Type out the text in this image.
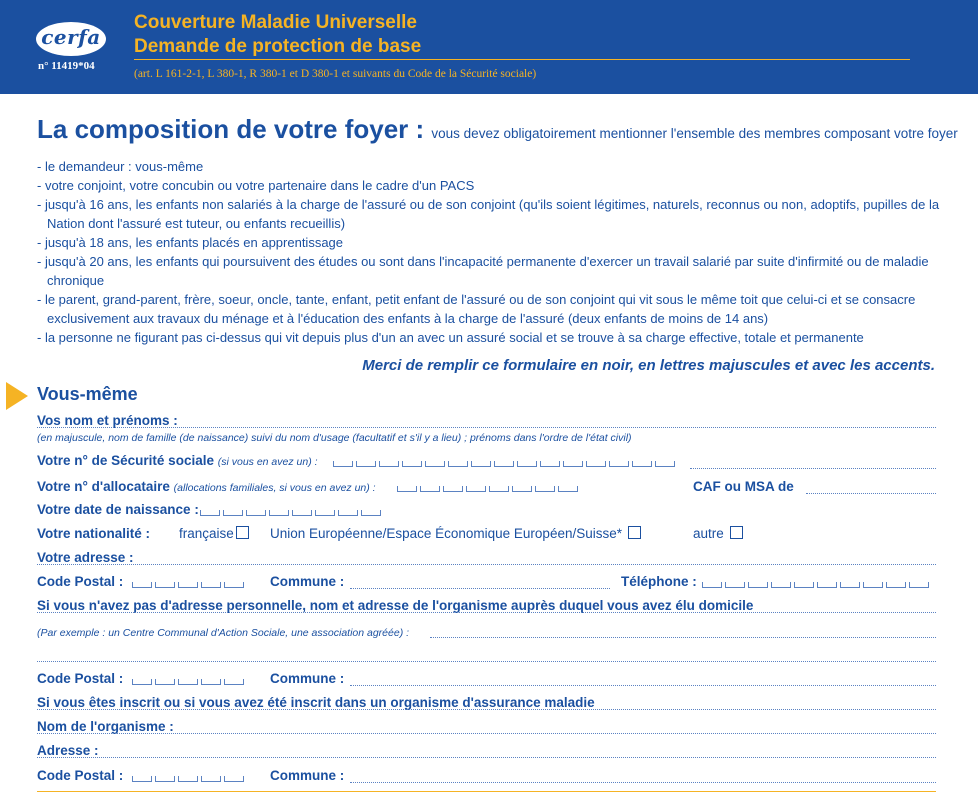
cerfa
n° 11419*04
Couverture Maladie Universelle
Demande de protection de base
(art. L 161-2-1, L 380-1, R 380-1 et D 380-1 et suivants du Code de la Sécurité sociale)
La composition de votre foyer : vous devez obligatoirement mentionner l'ensemble des membres composant votre foyer
- le demandeur : vous-même
- votre conjoint, votre concubin ou votre partenaire dans le cadre d'un PACS
- jusqu'à 16 ans, les enfants non salariés à la charge de l'assuré ou de son conjoint (qu'ils soient légitimes, naturels, reconnus ou non, adoptifs, pupilles de la Nation dont l'assuré est tuteur, ou enfants recueillis)
- jusqu'à 18 ans, les enfants placés en apprentissage
- jusqu'à 20 ans, les enfants qui poursuivent des études ou sont dans l'incapacité permanente d'exercer un travail salarié par suite d'infirmité ou de maladie chronique
- le parent, grand-parent, frère, soeur, oncle, tante, enfant, petit enfant de l'assuré ou de son conjoint qui vit sous le même toit que celui-ci et se consacre exclusivement aux travaux du ménage et à l'éducation des enfants à la charge de l'assuré (deux enfants de moins de 14 ans)
- la personne ne figurant pas ci-dessus qui vit depuis plus d'un an avec un assuré social et se trouve à sa charge effective, totale et permanente
Merci de remplir ce formulaire en noir, en lettres majuscules et avec les accents.
Vous-même
Vos nom et prénoms :
(en majuscule, nom de famille (de naissance) suivi du nom d'usage (facultatif et s'il y a lieu) ; prénoms dans l'ordre de l'état civil)
Votre n° de Sécurité sociale (si vous en avez un) :
Votre n° d'allocataire (allocations familiales, si vous en avez un) :	CAF ou MSA de
Votre date de naissance :
Votre nationalité : française	Union Européenne/Espace Économique Européen/Suisse*	autre
Votre adresse :
Code Postal :	Commune :	Téléphone :
Si vous n'avez pas d'adresse personnelle, nom et adresse de l'organisme auprès duquel vous avez élu domicile
(Par exemple : un Centre Communal d'Action Sociale, une association agréée) :
Code Postal :	Commune :
Si vous êtes inscrit ou si vous avez été inscrit dans un organisme d'assurance maladie
Nom de l'organisme :
Adresse :
Code Postal :	Commune :
